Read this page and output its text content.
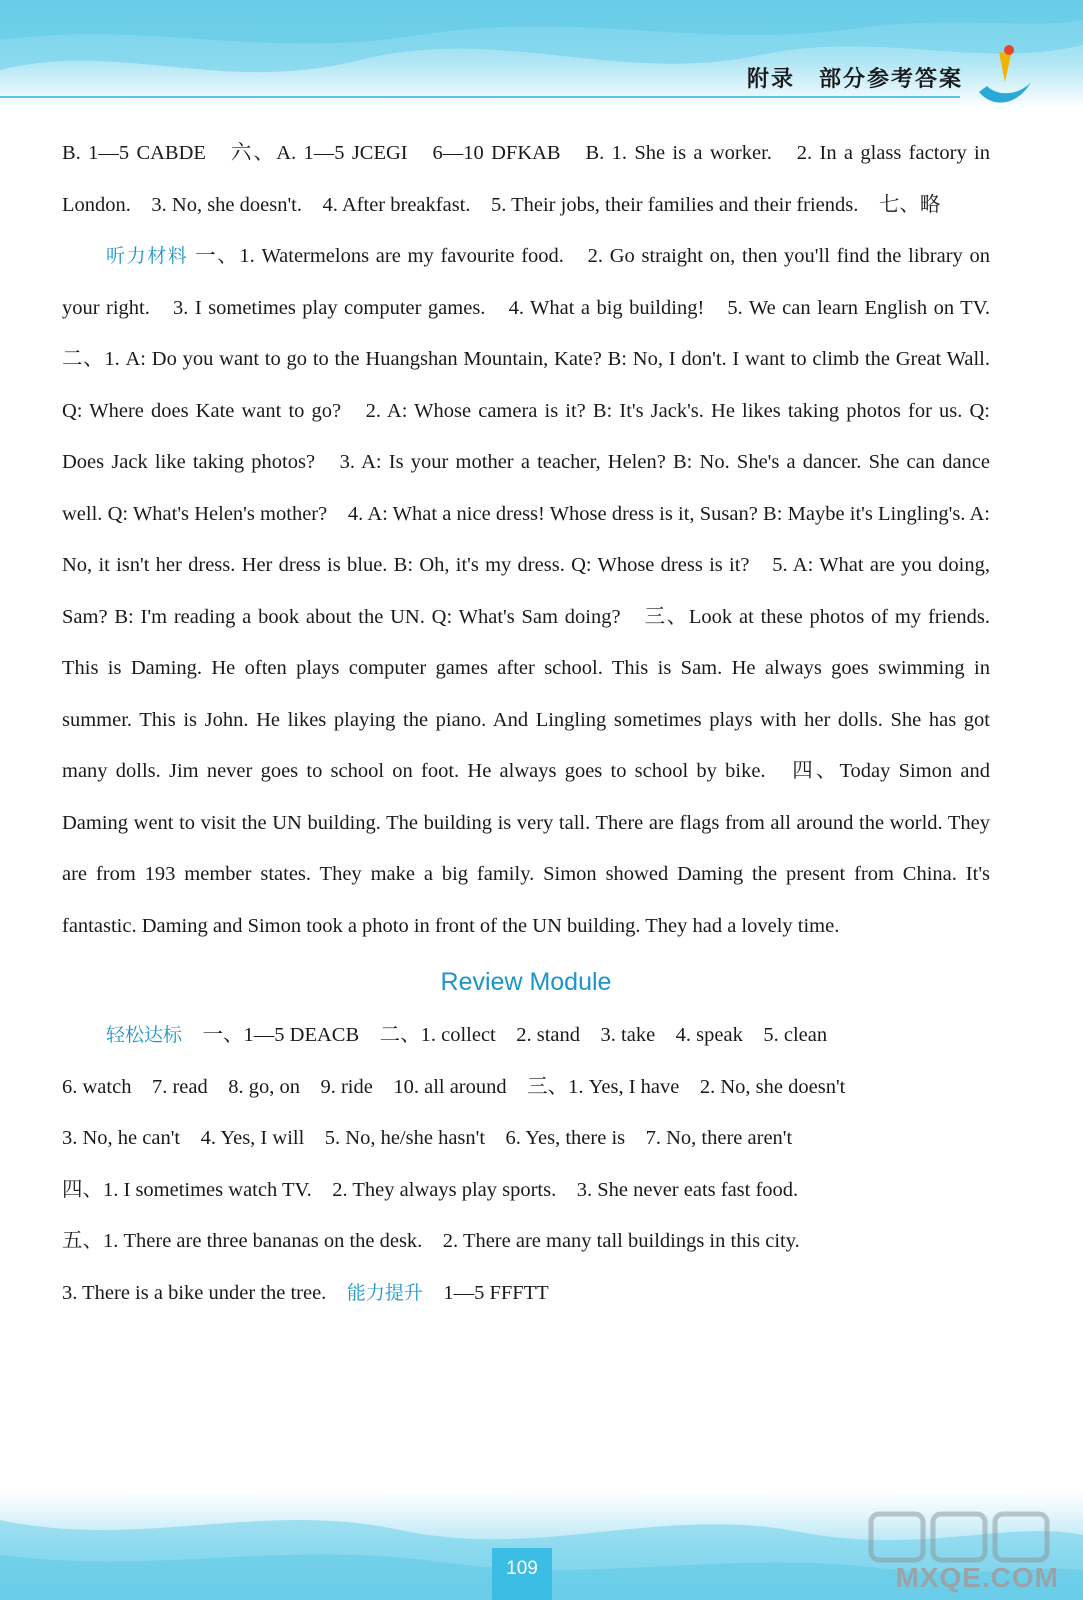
附录　部分参考答案

B. 1—5 CABDE　六、A. 1—5 JCEGI　6—10 DFKAB　B. 1. She is a worker.　2. In a glass factory in London.　3. No, she doesn't.　4. After breakfast.　5. Their jobs, their families and their friends.　七、略

听力材料 一、1. Watermelons are my favourite food.　2. Go straight on, then you'll find the library on your right.　3. I sometimes play computer games.　4. What a big building!　5. We can learn English on TV.　二、1. A: Do you want to go to the Huangshan Mountain, Kate? B: No, I don't. I want to climb the Great Wall. Q: Where does Kate want to go?　2. A: Whose camera is it? B: It's Jack's. He likes taking photos for us. Q: Does Jack like taking photos?　3. A: Is your mother a teacher, Helen? B: No. She's a dancer. She can dance well. Q: What's Helen's mother?　4. A: What a nice dress! Whose dress is it, Susan? B: Maybe it's Lingling's. A: No, it isn't her dress. Her dress is blue. B: Oh, it's my dress. Q: Whose dress is it?　5. A: What are you doing, Sam? B: I'm reading a book about the UN. Q: What's Sam doing?　三、Look at these photos of my friends. This is Daming. He often plays computer games after school. This is Sam. He always goes swimming in summer. This is John. He likes playing the piano. And Lingling sometimes plays with her dolls. She has got many dolls. Jim never goes to school on foot. He always goes to school by bike.　四、Today Simon and Daming went to visit the UN building. The building is very tall. There are flags from all around the world. They are from 193 member states. They make a big family. Simon showed Daming the present from China. It's fantastic. Daming and Simon took a photo in front of the UN building. They had a lovely time.

Review Module

轻松达标　 一、1—5 DEACB　二、1. collect　2. stand　3. take　4. speak　5. clean

6. watch　7. read　8. go, on　9. ride　10. all around　三、1. Yes, I have　2. No, she doesn't

3. No, he can't　4. Yes, I will　5. No, he/she hasn't　6. Yes, there is　7. No, there aren't

四、1. I sometimes watch TV.　2. They always play sports.　3. She never eats fast food.

五、1. There are three bananas on the desk.　2. There are many tall buildings in this city.

3. There is a bike under the tree.　 能力提升　 1—5 FFFTT

109	MXQE.COM
